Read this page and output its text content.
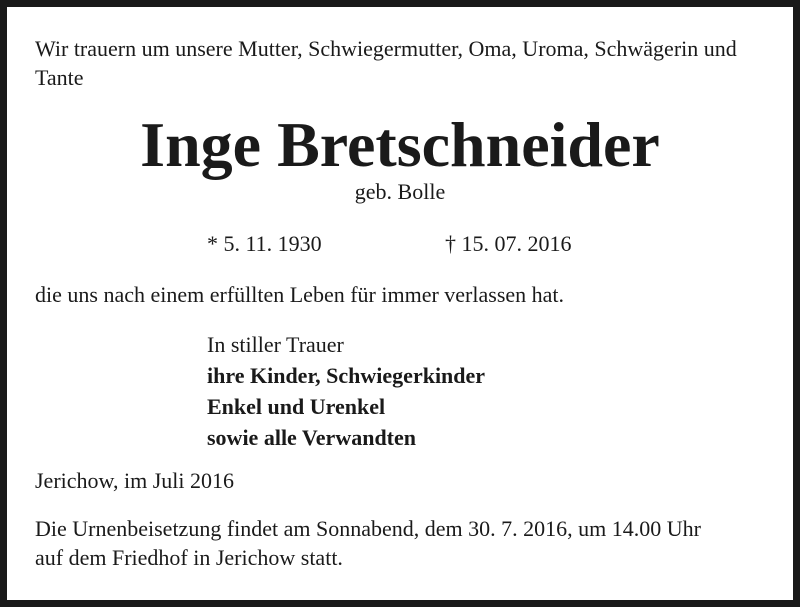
Wir trauern um unsere Mutter, Schwiegermutter, Oma, Uroma, Schwägerin und Tante

Inge Bretschneider

geb. Bolle

* 5. 11. 1930	† 15. 07. 2016

die uns nach einem erfüllten Leben für immer verlassen hat.

In stiller Trauer
ihre Kinder, Schwiegerkinder
Enkel und Urenkel
sowie alle Verwandten

Jerichow, im Juli 2016

Die Urnenbeisetzung findet am Sonnabend, dem 30. 7. 2016, um 14.00 Uhr
auf dem Friedhof in Jerichow statt.
